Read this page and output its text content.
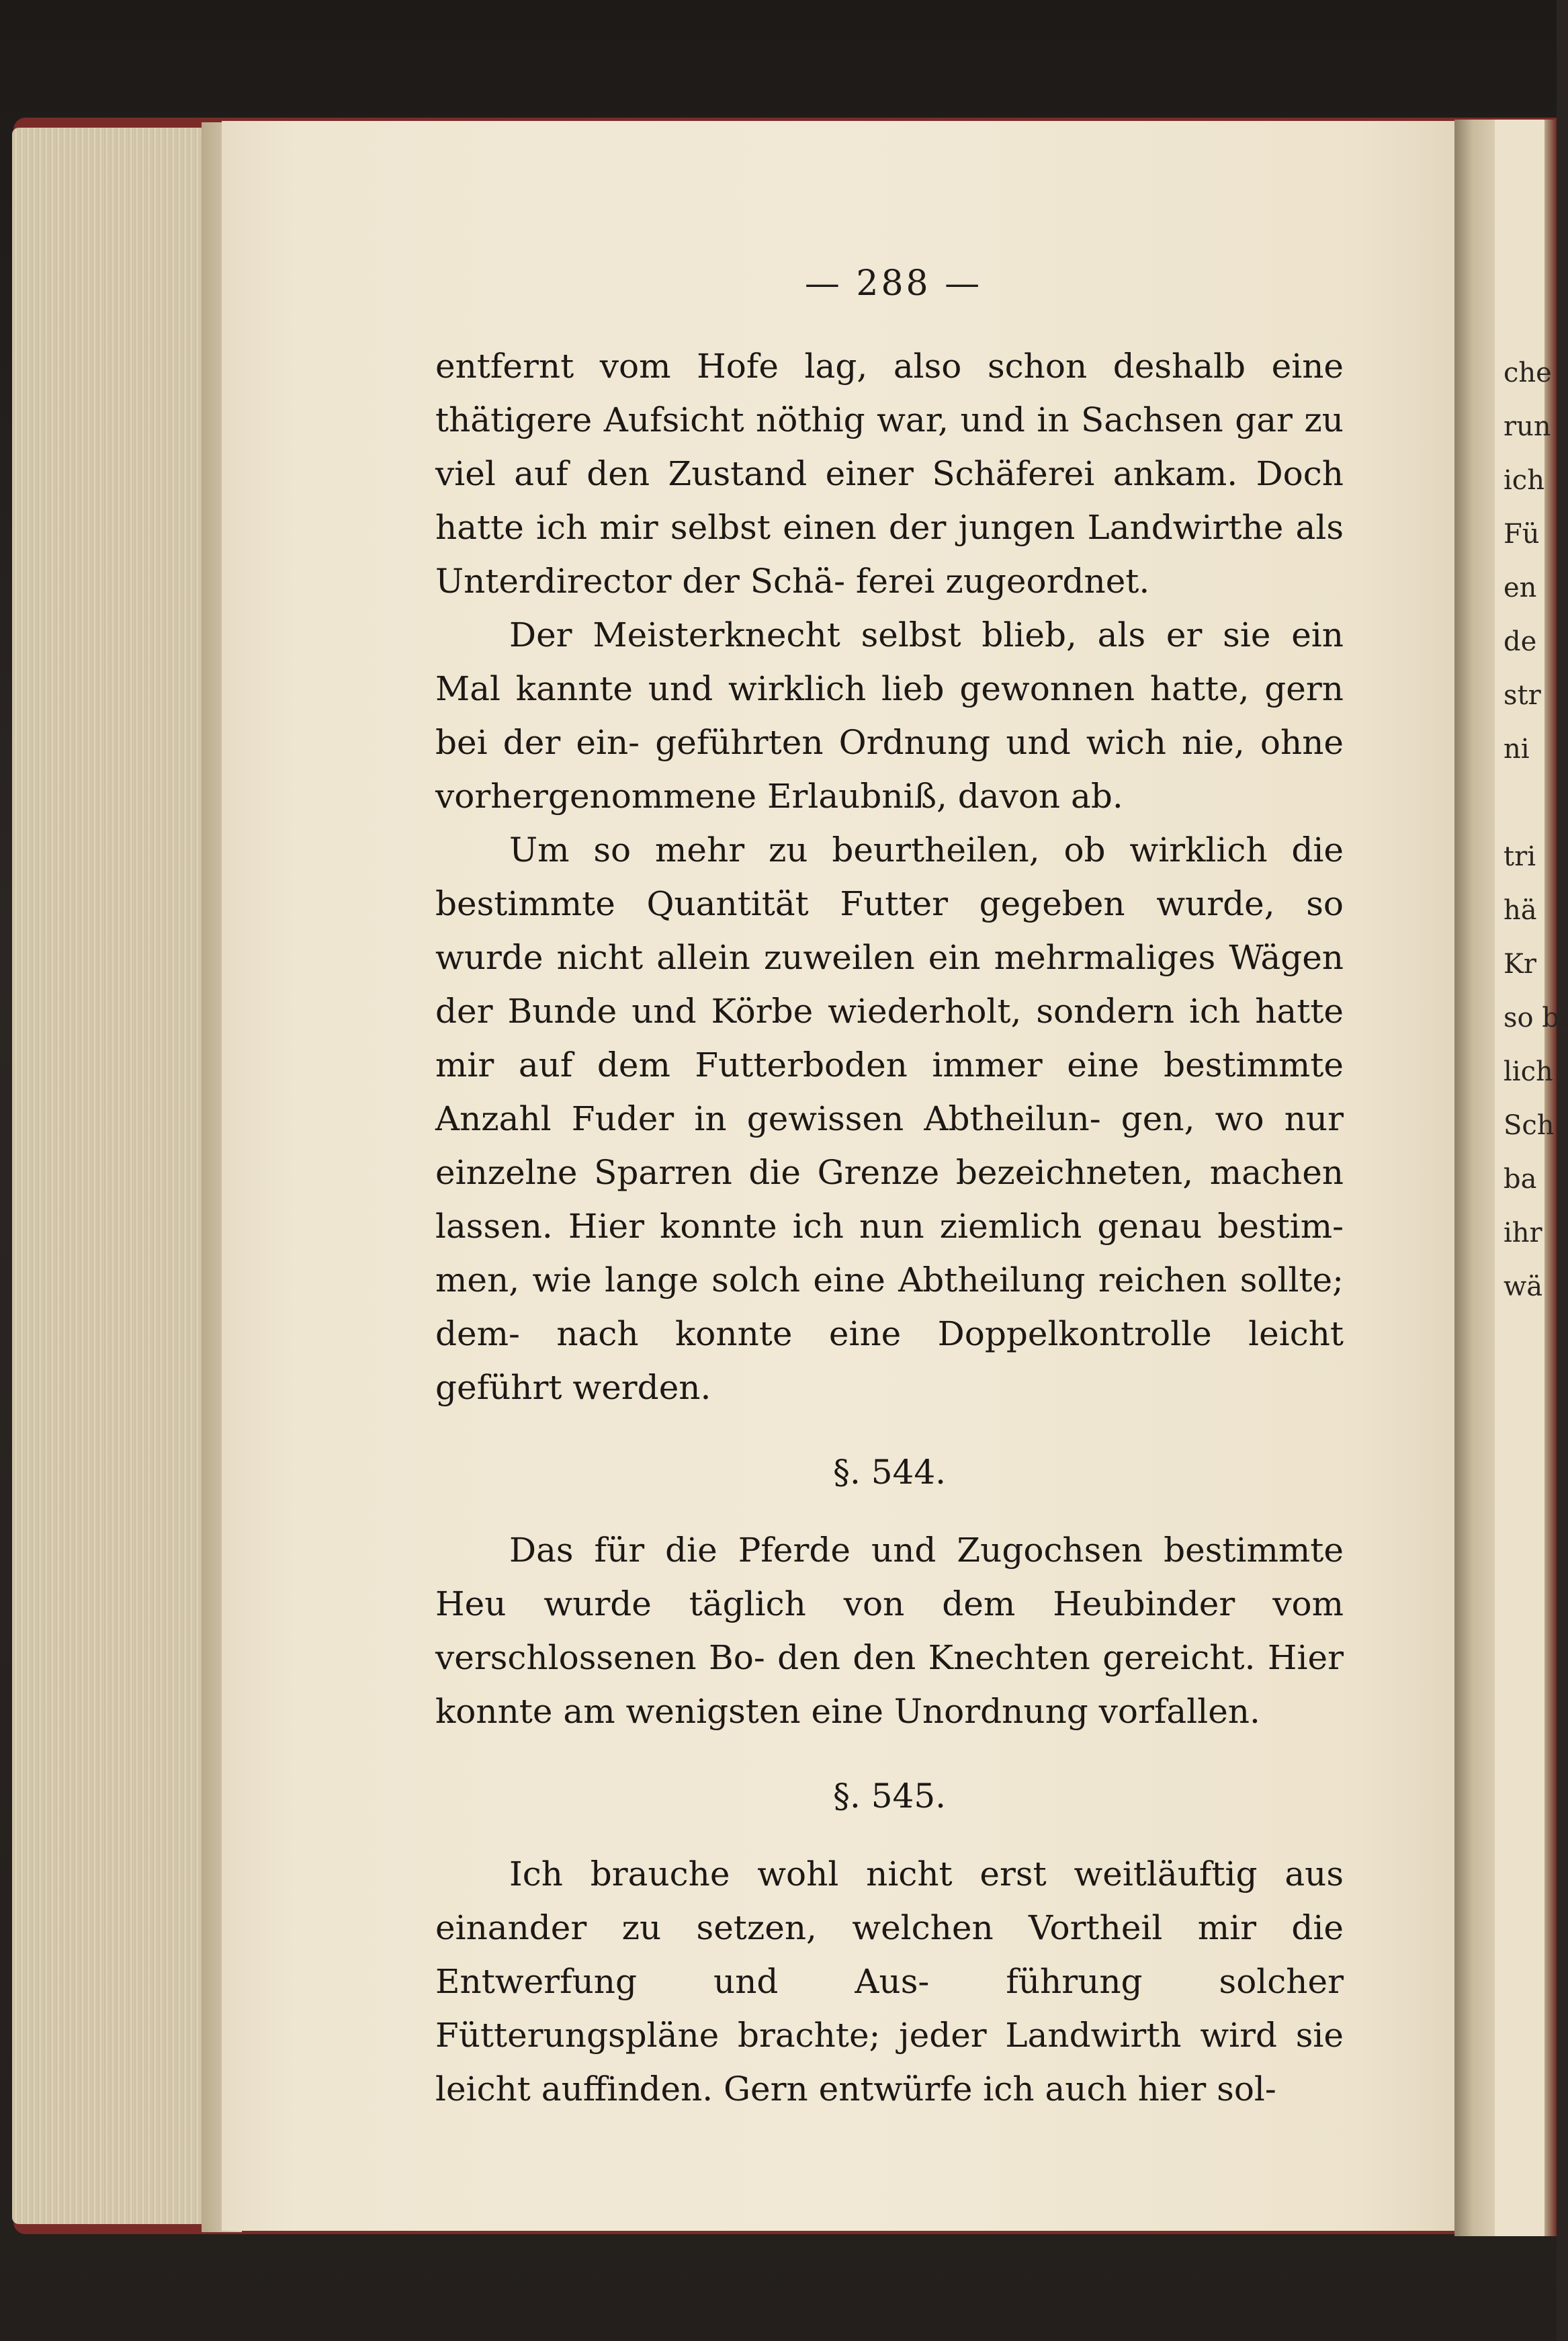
— 288 —

entfernt vom Hofe lag, also schon deshalb eine thätigere Aufsicht nöthig war, und in Sachsen gar zu viel auf den Zustand einer Schäferei ankam. Doch hatte ich mir selbst einen der jungen Landwirthe als Unterdirector der Schä- ferei zugeordnet.

Der Meisterknecht selbst blieb, als er sie ein Mal kannte und wirklich lieb gewonnen hatte, gern bei der ein- geführten Ordnung und wich nie, ohne vorhergenommene Erlaubniß, davon ab.

Um so mehr zu beurtheilen, ob wirklich die bestimmte Quantität Futter gegeben wurde, so wurde nicht allein zuweilen ein mehrmaliges Wägen der Bunde und Körbe wiederholt, sondern ich hatte mir auf dem Futterboden immer eine bestimmte Anzahl Fuder in gewissen Abtheilun- gen, wo nur einzelne Sparren die Grenze bezeichneten, machen lassen. Hier konnte ich nun ziemlich genau bestim- men, wie lange solch eine Abtheilung reichen sollte; dem- nach konnte eine Doppelkontrolle leicht geführt werden.

§. 544.

Das für die Pferde und Zugochsen bestimmte Heu wurde täglich von dem Heubinder vom verschlossenen Bo- den den Knechten gereicht. Hier konnte am wenigsten eine Unordnung vorfallen.

§. 545.

Ich brauche wohl nicht erst weitläuftig aus einander zu setzen, welchen Vortheil mir die Entwerfung und Aus- führung solcher Fütterungspläne brachte; jeder Landwirth wird sie leicht auffinden. Gern entwürfe ich auch hier sol-

che
run
ich
Fü
en
de
str
ni

tri
hä
Kr
so bi
lich
Sch
ba
ihr
wä
